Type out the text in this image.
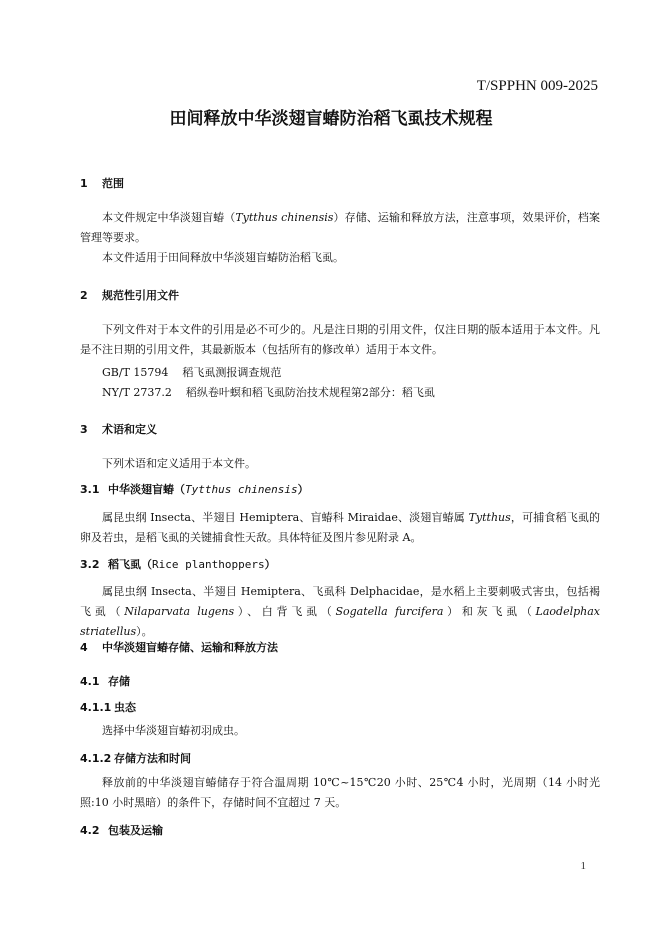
T/SPPHN 009-2025
田间释放中华淡翅盲蝽防治稻飞虱技术规程
1 范围
本文件规定中华淡翅盲蝽（Tytthus chinensis）存储、运输和释放方法，注意事项，效果评价，档案管理等要求。
本文件适用于田间释放中华淡翅盲蝽防治稻飞虱。
2 规范性引用文件
下列文件对于本文件的引用是必不可少的。凡是注日期的引用文件，仅注日期的版本适用于本文件。凡是不注日期的引用文件，其最新版本（包括所有的修改单）适用于本文件。
GB/T 15794 稻飞虱测报调查规范
NY/T 2737.2 稻纵卷叶螟和稻飞虱防治技术规程第2部分：稻飞虱
3 术语和定义
下列术语和定义适用于本文件。
3.1 中华淡翅盲蝽（Tytthus chinensis）
属昆虫纲 Insecta、半翅目 Hemiptera、盲蝽科 Miraidae、淡翅盲蝽属 Tytthus，可捕食稻飞虱的卵及若虫，是稻飞虱的关键捕食性天敌。具体特征及图片参见附录 A。
3.2 稻飞虱（Rice planthoppers）
属昆虫纲 Insecta、半翅目 Hemiptera、飞虱科 Delphacidae，是水稻上主要刺吸式害虫，包括褐飞虱（Nilaparvata lugens）、白背飞虱（Sogatella furcifera）和灰飞虱（Laodelphax striatellus）。
4 中华淡翅盲蝽存储、运输和释放方法
4.1 存储
4.1.1 虫态
选择中华淡翅盲蝽初羽成虫。
4.1.2 存储方法和时间
释放前的中华淡翅盲蝽储存于符合温周期 10℃~15℃20 小时、25℃4 小时，光周期（14 小时光照:10 小时黑暗）的条件下，存储时间不宜超过 7 天。
4.2 包装及运输
1
